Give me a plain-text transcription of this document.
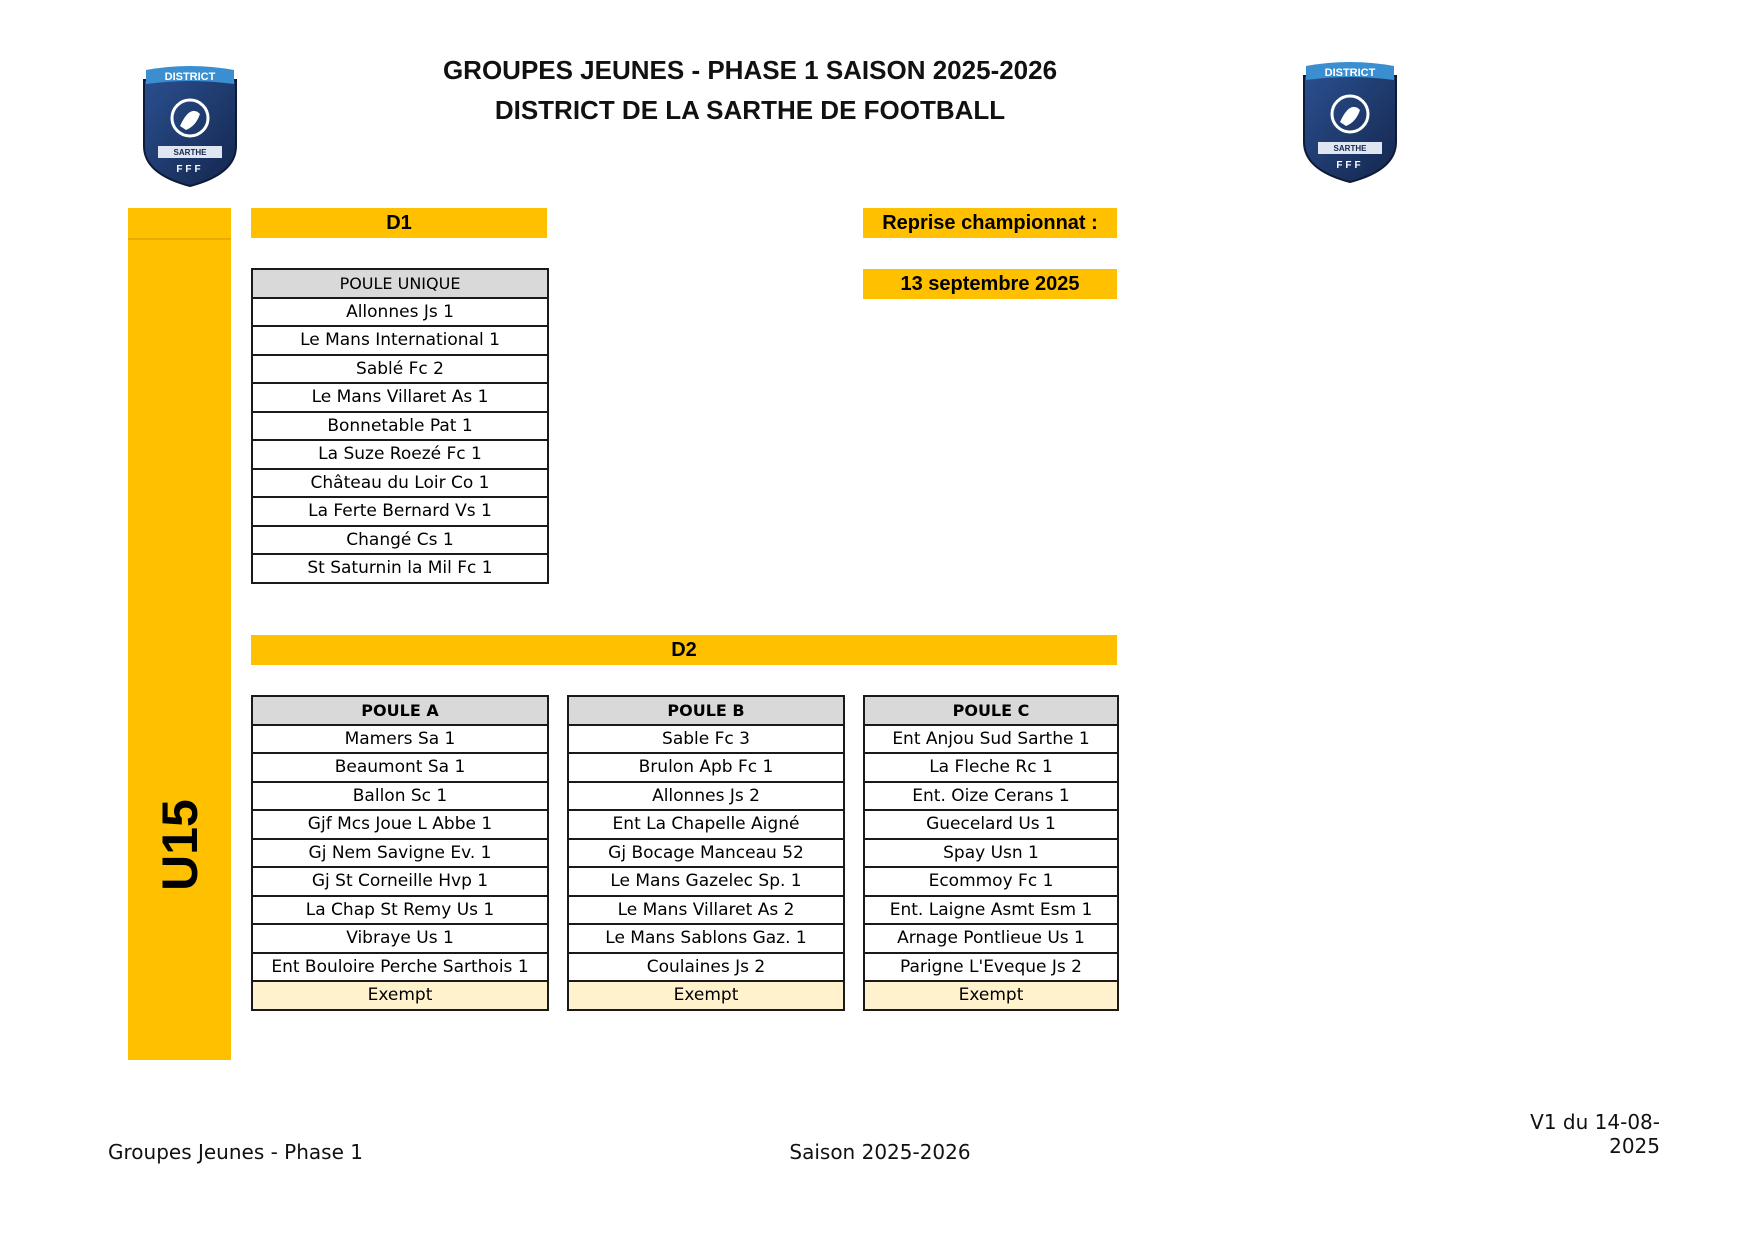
GROUPES JEUNES - PHASE 1 SAISON 2025-2026
DISTRICT DE LA SARTHE DE FOOTBALL
DISTRICT
SARTHE
FFF
DISTRICT
SARTHE
FFF
U15
D1	Reprise championnat :
13 septembre 2025
POULE UNIQUE
Allonnes Js 1
Le Mans International 1
Sablé Fc 2
Le Mans Villaret As 1
Bonnetable Pat 1
La Suze Roezé Fc 1
Château du Loir Co 1
La Ferte Bernard Vs 1
Changé Cs 1
St Saturnin la Mil Fc 1
D2
POULE A
Mamers Sa 1
Beaumont Sa 1
Ballon Sc 1
Gjf Mcs Joue L Abbe 1
Gj Nem Savigne Ev. 1
Gj St Corneille Hvp 1
La Chap St Remy Us 1
Vibraye Us 1
Ent Bouloire Perche Sarthois 1
Exempt
POULE B
Sable Fc 3
Brulon Apb Fc 1
Allonnes Js 2
Ent La Chapelle Aigné
Gj Bocage Manceau 52
Le Mans Gazelec Sp. 1
Le Mans Villaret As 2
Le Mans Sablons Gaz. 1
Coulaines Js 2
Exempt
POULE C
Ent Anjou Sud Sarthe 1
La Fleche Rc 1
Ent. Oize Cerans 1
Guecelard Us 1
Spay Usn 1
Ecommoy Fc 1
Ent. Laigne Asmt Esm 1
Arnage Pontlieue Us 1
Parigne L'Eveque Js 2
Exempt
V1 du 14-08-2025
Groupes Jeunes - Phase 1	Saison 2025-2026
